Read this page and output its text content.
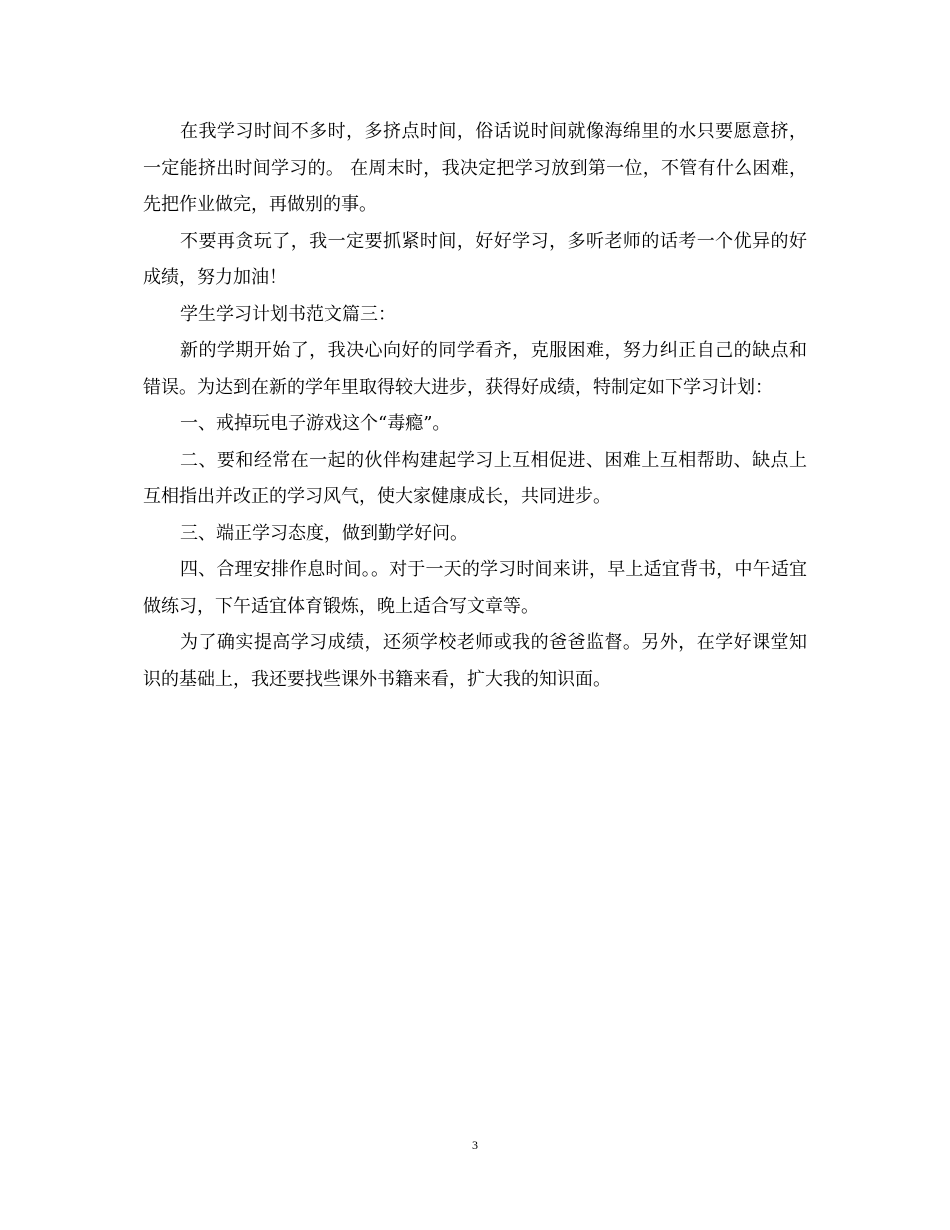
在我学习时间不多时，多挤点时间，俗话说时间就像海绵里的水只要愿意挤，一定能挤出时间学习的。 在周末时，我决定把学习放到第一位，不管有什么困难，先把作业做完，再做别的事。

不要再贪玩了，我一定要抓紧时间，好好学习，多听老师的话考一个优异的好成绩，努力加油！

学生学习计划书范文篇三：

新的学期开始了，我决心向好的同学看齐，克服困难，努力纠正自己的缺点和错误。为达到在新的学年里取得较大进步，获得好成绩，特制定如下学习计划：

一、戒掉玩电子游戏这个“毒瘾”。

二、要和经常在一起的伙伴构建起学习上互相促进、困难上互相帮助、缺点上互相指出并改正的学习风气，使大家健康成长，共同进步。

三、端正学习态度，做到勤学好问。

四、合理安排作息时间。。对于一天的学习时间来讲，早上适宜背书，中午适宜做练习，下午适宜体育锻炼，晚上适合写文章等。

为了确实提高学习成绩，还须学校老师或我的爸爸监督。另外，在学好课堂知识的基础上，我还要找些课外书籍来看，扩大我的知识面。

3
